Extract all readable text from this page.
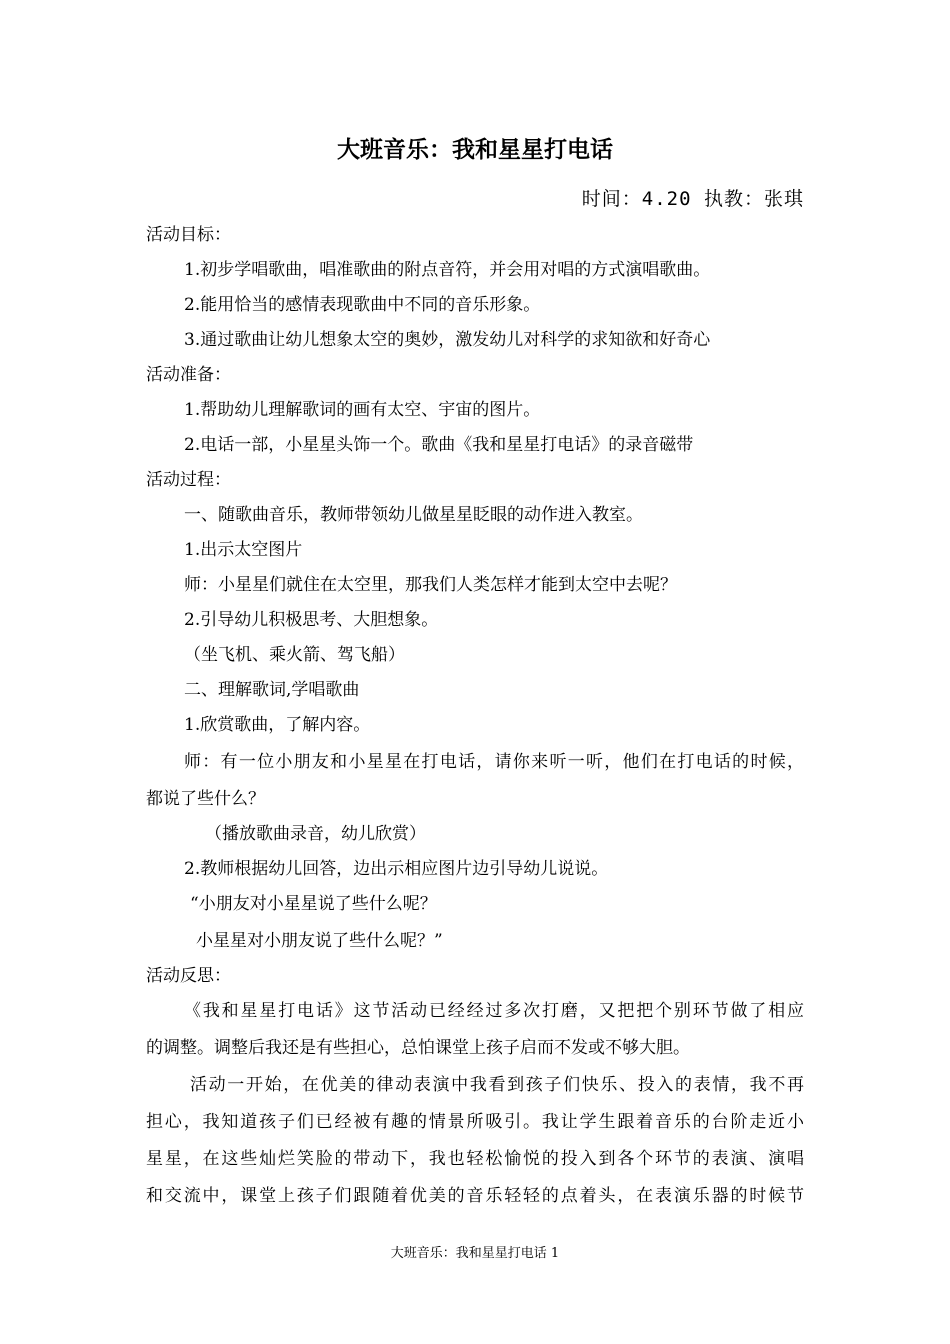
大班音乐：我和星星打电话
时间：4.20 执教：张琪
活动目标：
1.初步学唱歌曲，唱准歌曲的附点音符，并会用对唱的方式演唱歌曲。
2.能用恰当的感情表现歌曲中不同的音乐形象。
3.通过歌曲让幼儿想象太空的奥妙，激发幼儿对科学的求知欲和好奇心
活动准备：
1.帮助幼儿理解歌词的画有太空、宇宙的图片。
2.电话一部，小星星头饰一个。歌曲《我和星星打电话》的录音磁带
活动过程：
一、随歌曲音乐，教师带领幼儿做星星眨眼的动作进入教室。
1.出示太空图片
师：小星星们就住在太空里，那我们人类怎样才能到太空中去呢？
2.引导幼儿积极思考、大胆想象。
（坐飞机、乘火箭、驾飞船）
二、理解歌词,学唱歌曲
1.欣赏歌曲，了解内容。
师：有一位小朋友和小星星在打电话，请你来听一听，他们在打电话的时候，
都说了些什么？
（播放歌曲录音，幼儿欣赏）
2.教师根据幼儿回答，边出示相应图片边引导幼儿说说。
“小朋友对小星星说了些什么呢？
小星星对小朋友说了些什么呢？”
活动反思：
《我和星星打电话》这节活动已经经过多次打磨，又把把个别环节做了相应
的调整。调整后我还是有些担心，总怕课堂上孩子启而不发或不够大胆。
活动一开始，在优美的律动表演中我看到孩子们快乐、投入的表情，我不再
担心，我知道孩子们已经被有趣的情景所吸引。我让学生跟着音乐的台阶走近小
星星，在这些灿烂笑脸的带动下，我也轻松愉悦的投入到各个环节的表演、演唱
和交流中，课堂上孩子们跟随着优美的音乐轻轻的点着头，在表演乐器的时候节
大班音乐：我和星星打电话 1
